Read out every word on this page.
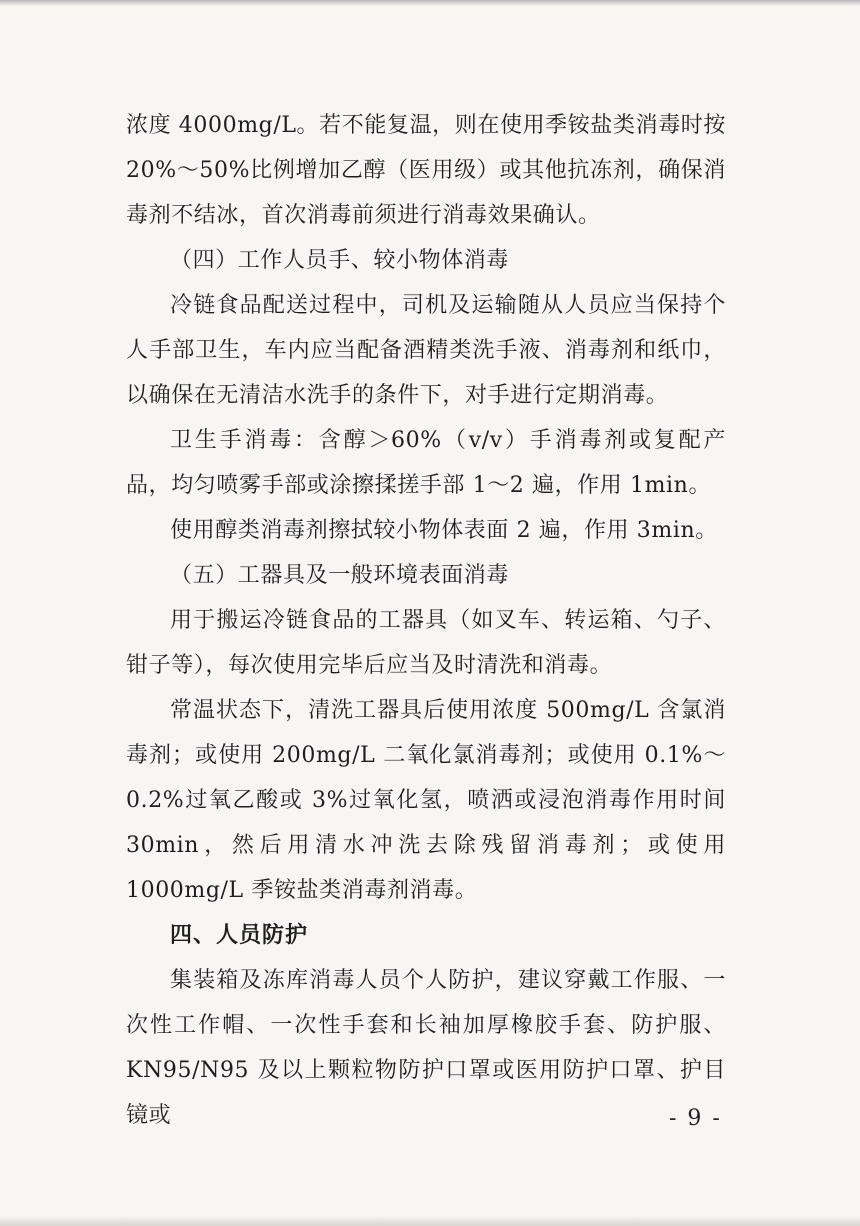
浓度 4000mg/L。若不能复温，则在使用季铵盐类消毒时按20%～50%比例增加乙醇（医用级）或其他抗冻剂，确保消毒剂不结冰，首次消毒前须进行消毒效果确认。

（四）工作人员手、较小物体消毒

冷链食品配送过程中，司机及运输随从人员应当保持个人手部卫生，车内应当配备酒精类洗手液、消毒剂和纸巾，以确保在无清洁水洗手的条件下，对手进行定期消毒。

卫生手消毒：含醇＞60%（v/v）手消毒剂或复配产品，均匀喷雾手部或涂擦揉搓手部 1～2 遍，作用 1min。

使用醇类消毒剂擦拭较小物体表面 2 遍，作用 3min。

（五）工器具及一般环境表面消毒

用于搬运冷链食品的工器具（如叉车、转运箱、勺子、钳子等），每次使用完毕后应当及时清洗和消毒。

常温状态下，清洗工器具后使用浓度 500mg/L 含氯消毒剂；或使用 200mg/L 二氧化氯消毒剂；或使用 0.1%～0.2%过氧乙酸或 3%过氧化氢，喷洒或浸泡消毒作用时间 30min，然后用清水冲洗去除残留消毒剂；或使用 1000mg/L 季铵盐类消毒剂消毒。

四、人员防护

集装箱及冻库消毒人员个人防护，建议穿戴工作服、一次性工作帽、一次性手套和长袖加厚橡胶手套、防护服、KN95/N95 及以上颗粒物防护口罩或医用防护口罩、护目镜或	- 9 -
